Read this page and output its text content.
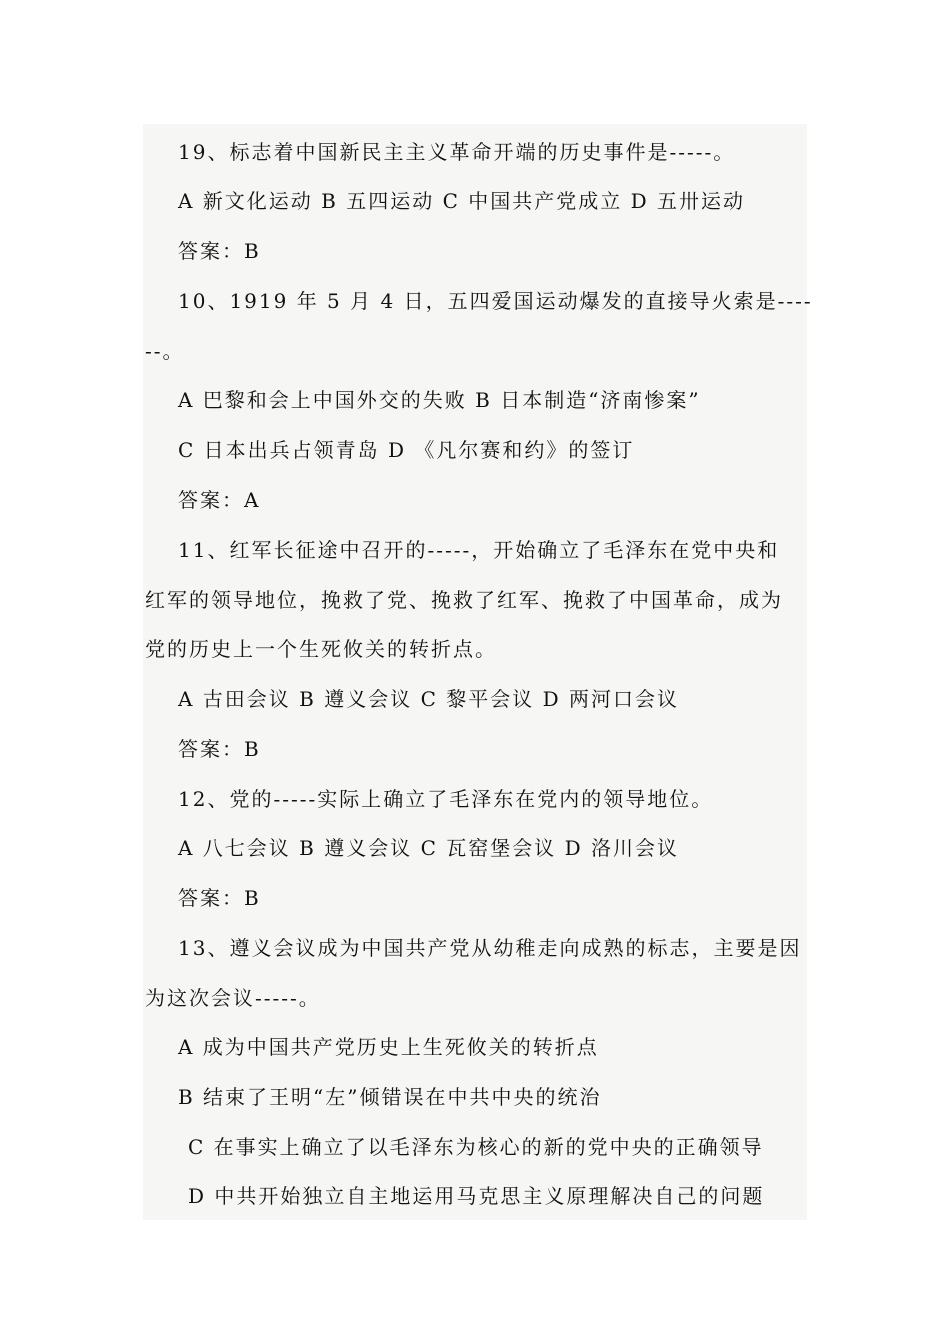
19、标志着中国新民主主义革命开端的历史事件是-----。
A 新文化运动 B 五四运动 C 中国共产党成立 D 五卅运动
答案：B
10、1919 年 5 月 4 日，五四爱国运动爆发的直接导火索是----
--。
A 巴黎和会上中国外交的失败 B 日本制造“济南惨案”
C 日本出兵占领青岛 D 《凡尔赛和约》的签订
答案：A
11、红军长征途中召开的-----，开始确立了毛泽东在党中央和
红军的领导地位，挽救了党、挽救了红军、挽救了中国革命，成为
党的历史上一个生死攸关的转折点。
A 古田会议 B 遵义会议 C 黎平会议 D 两河口会议
答案：B
12、党的-----实际上确立了毛泽东在党内的领导地位。
A 八七会议 B 遵义会议 C 瓦窑堡会议 D 洛川会议
答案：B
13、遵义会议成为中国共产党从幼稚走向成熟的标志，主要是因
为这次会议-----。
A 成为中国共产党历史上生死攸关的转折点
B 结束了王明“左”倾错误在中共中央的统治
C 在事实上确立了以毛泽东为核心的新的党中央的正确领导
D 中共开始独立自主地运用马克思主义原理解决自己的问题
